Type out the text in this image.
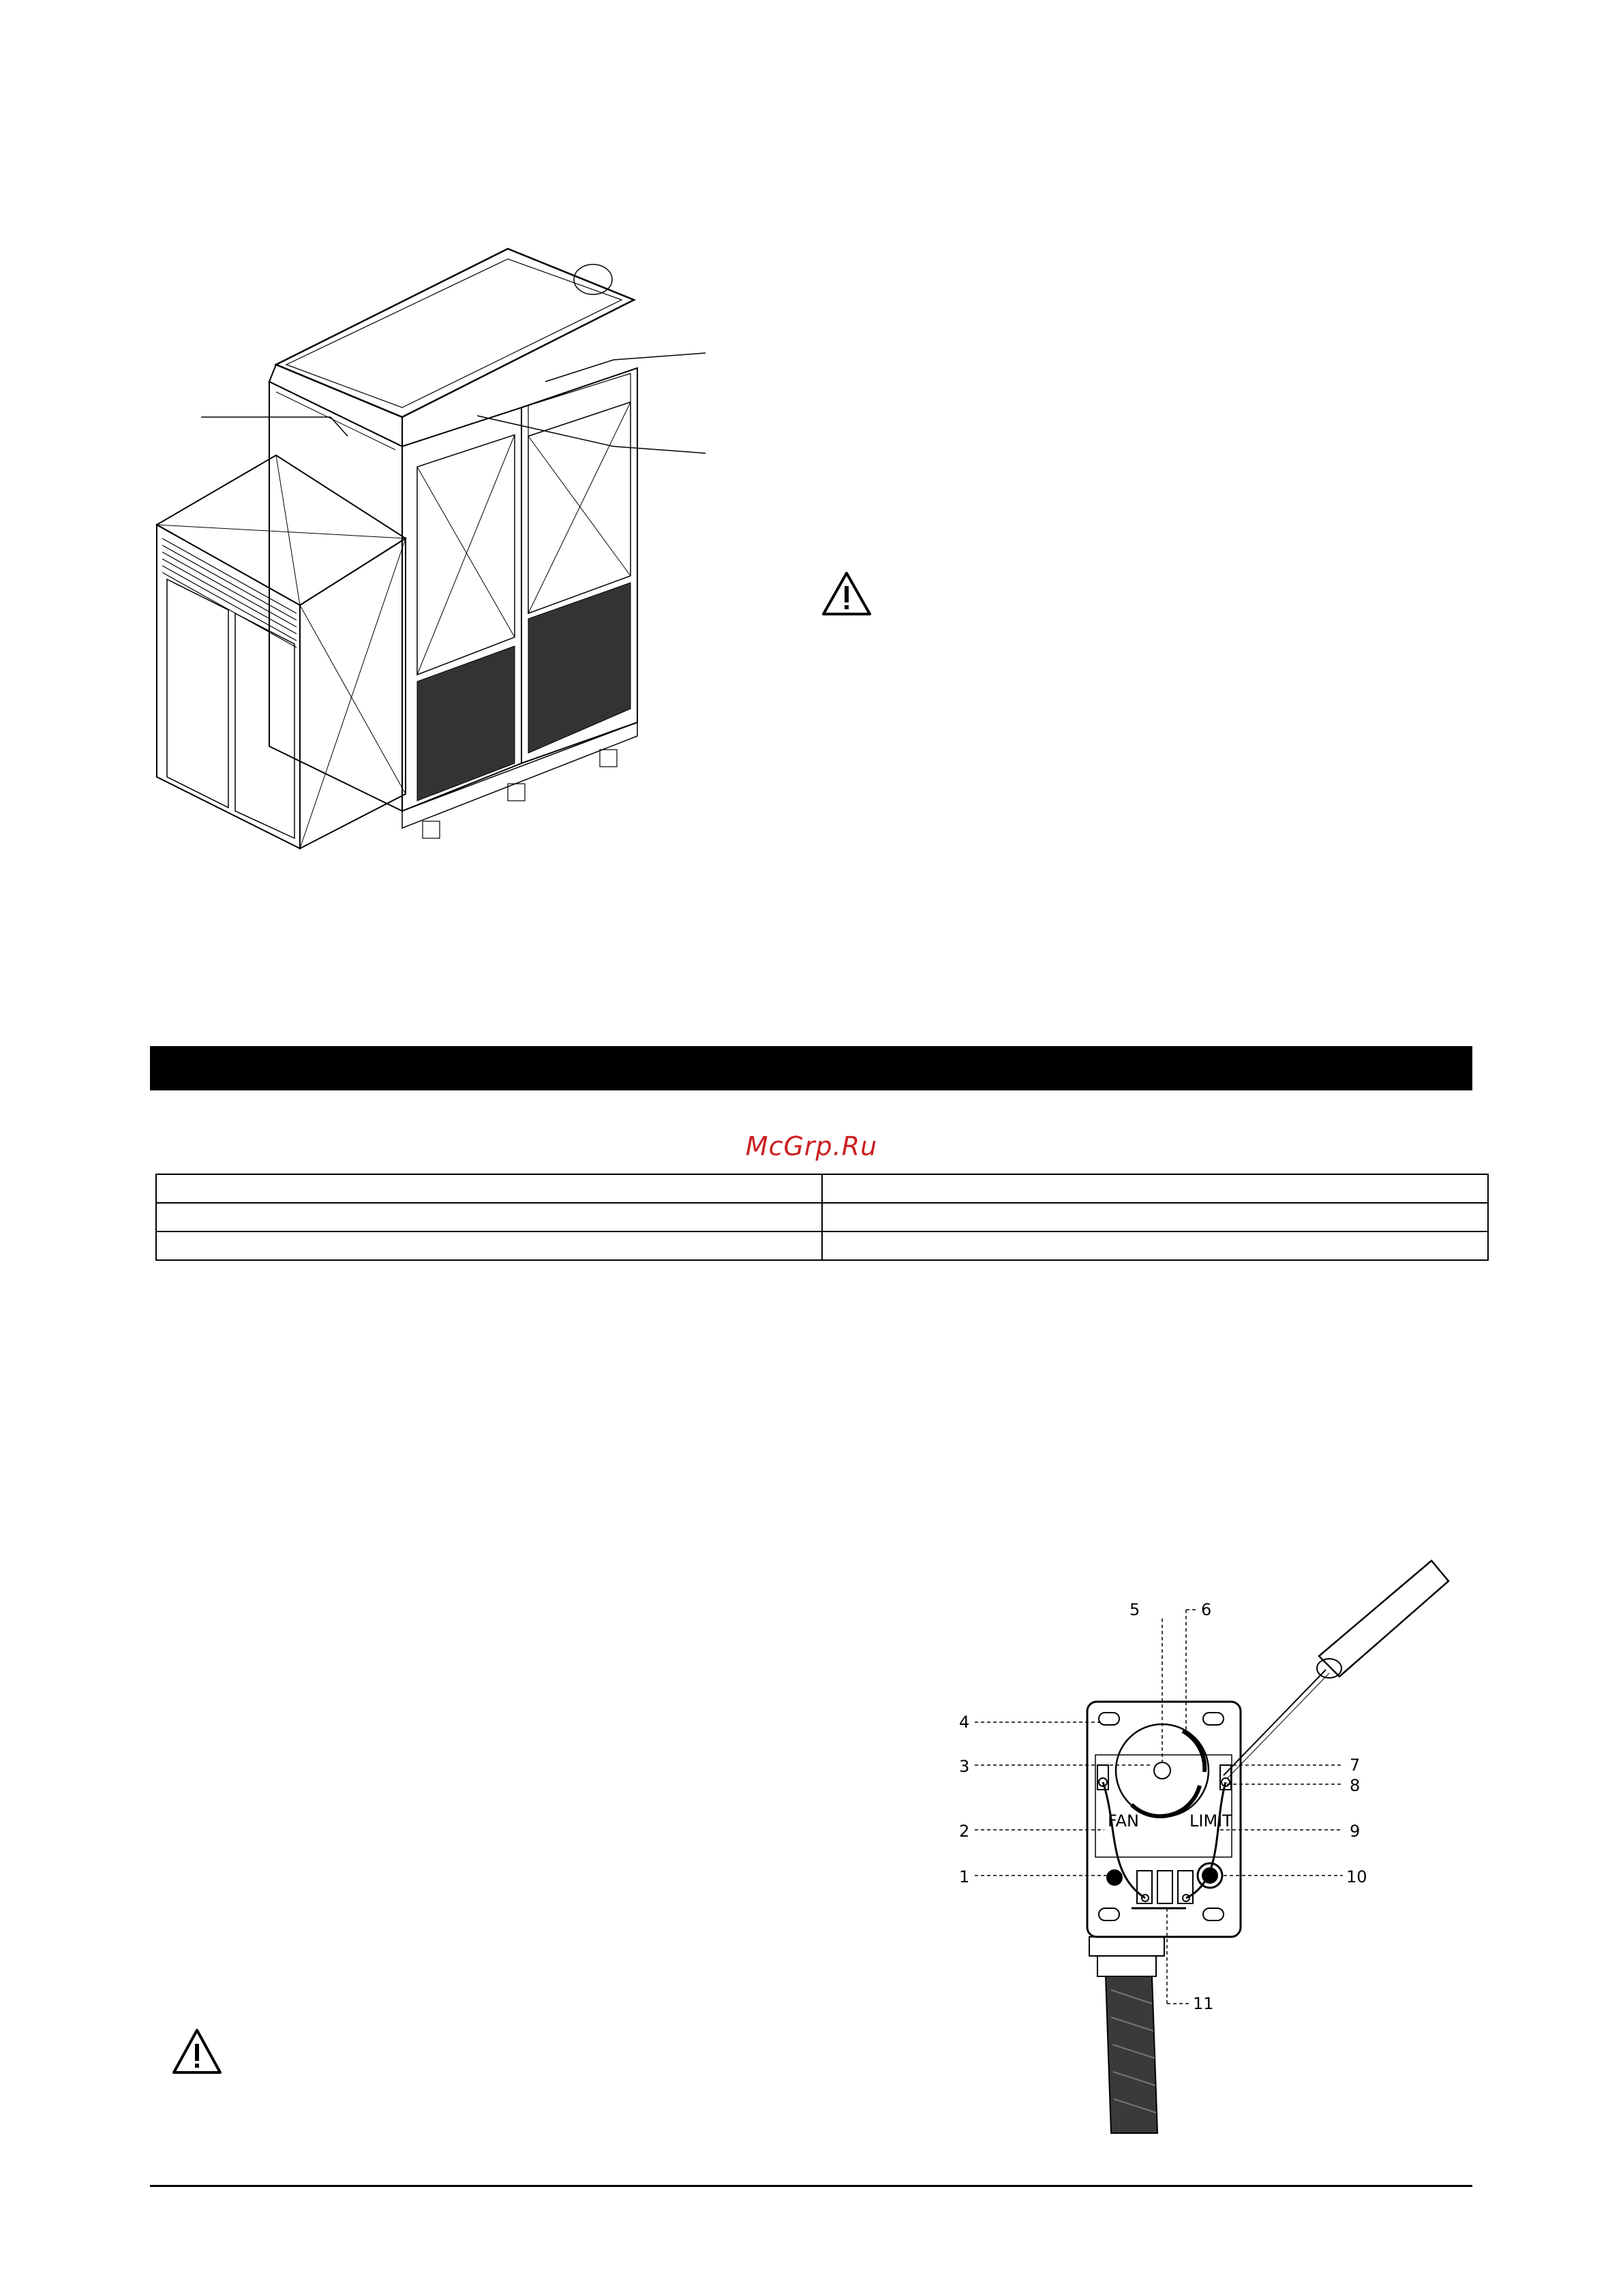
McGrp.Ru

FAN	LIMIT
1
2
3
4
5	6
7
8
9
10
11
